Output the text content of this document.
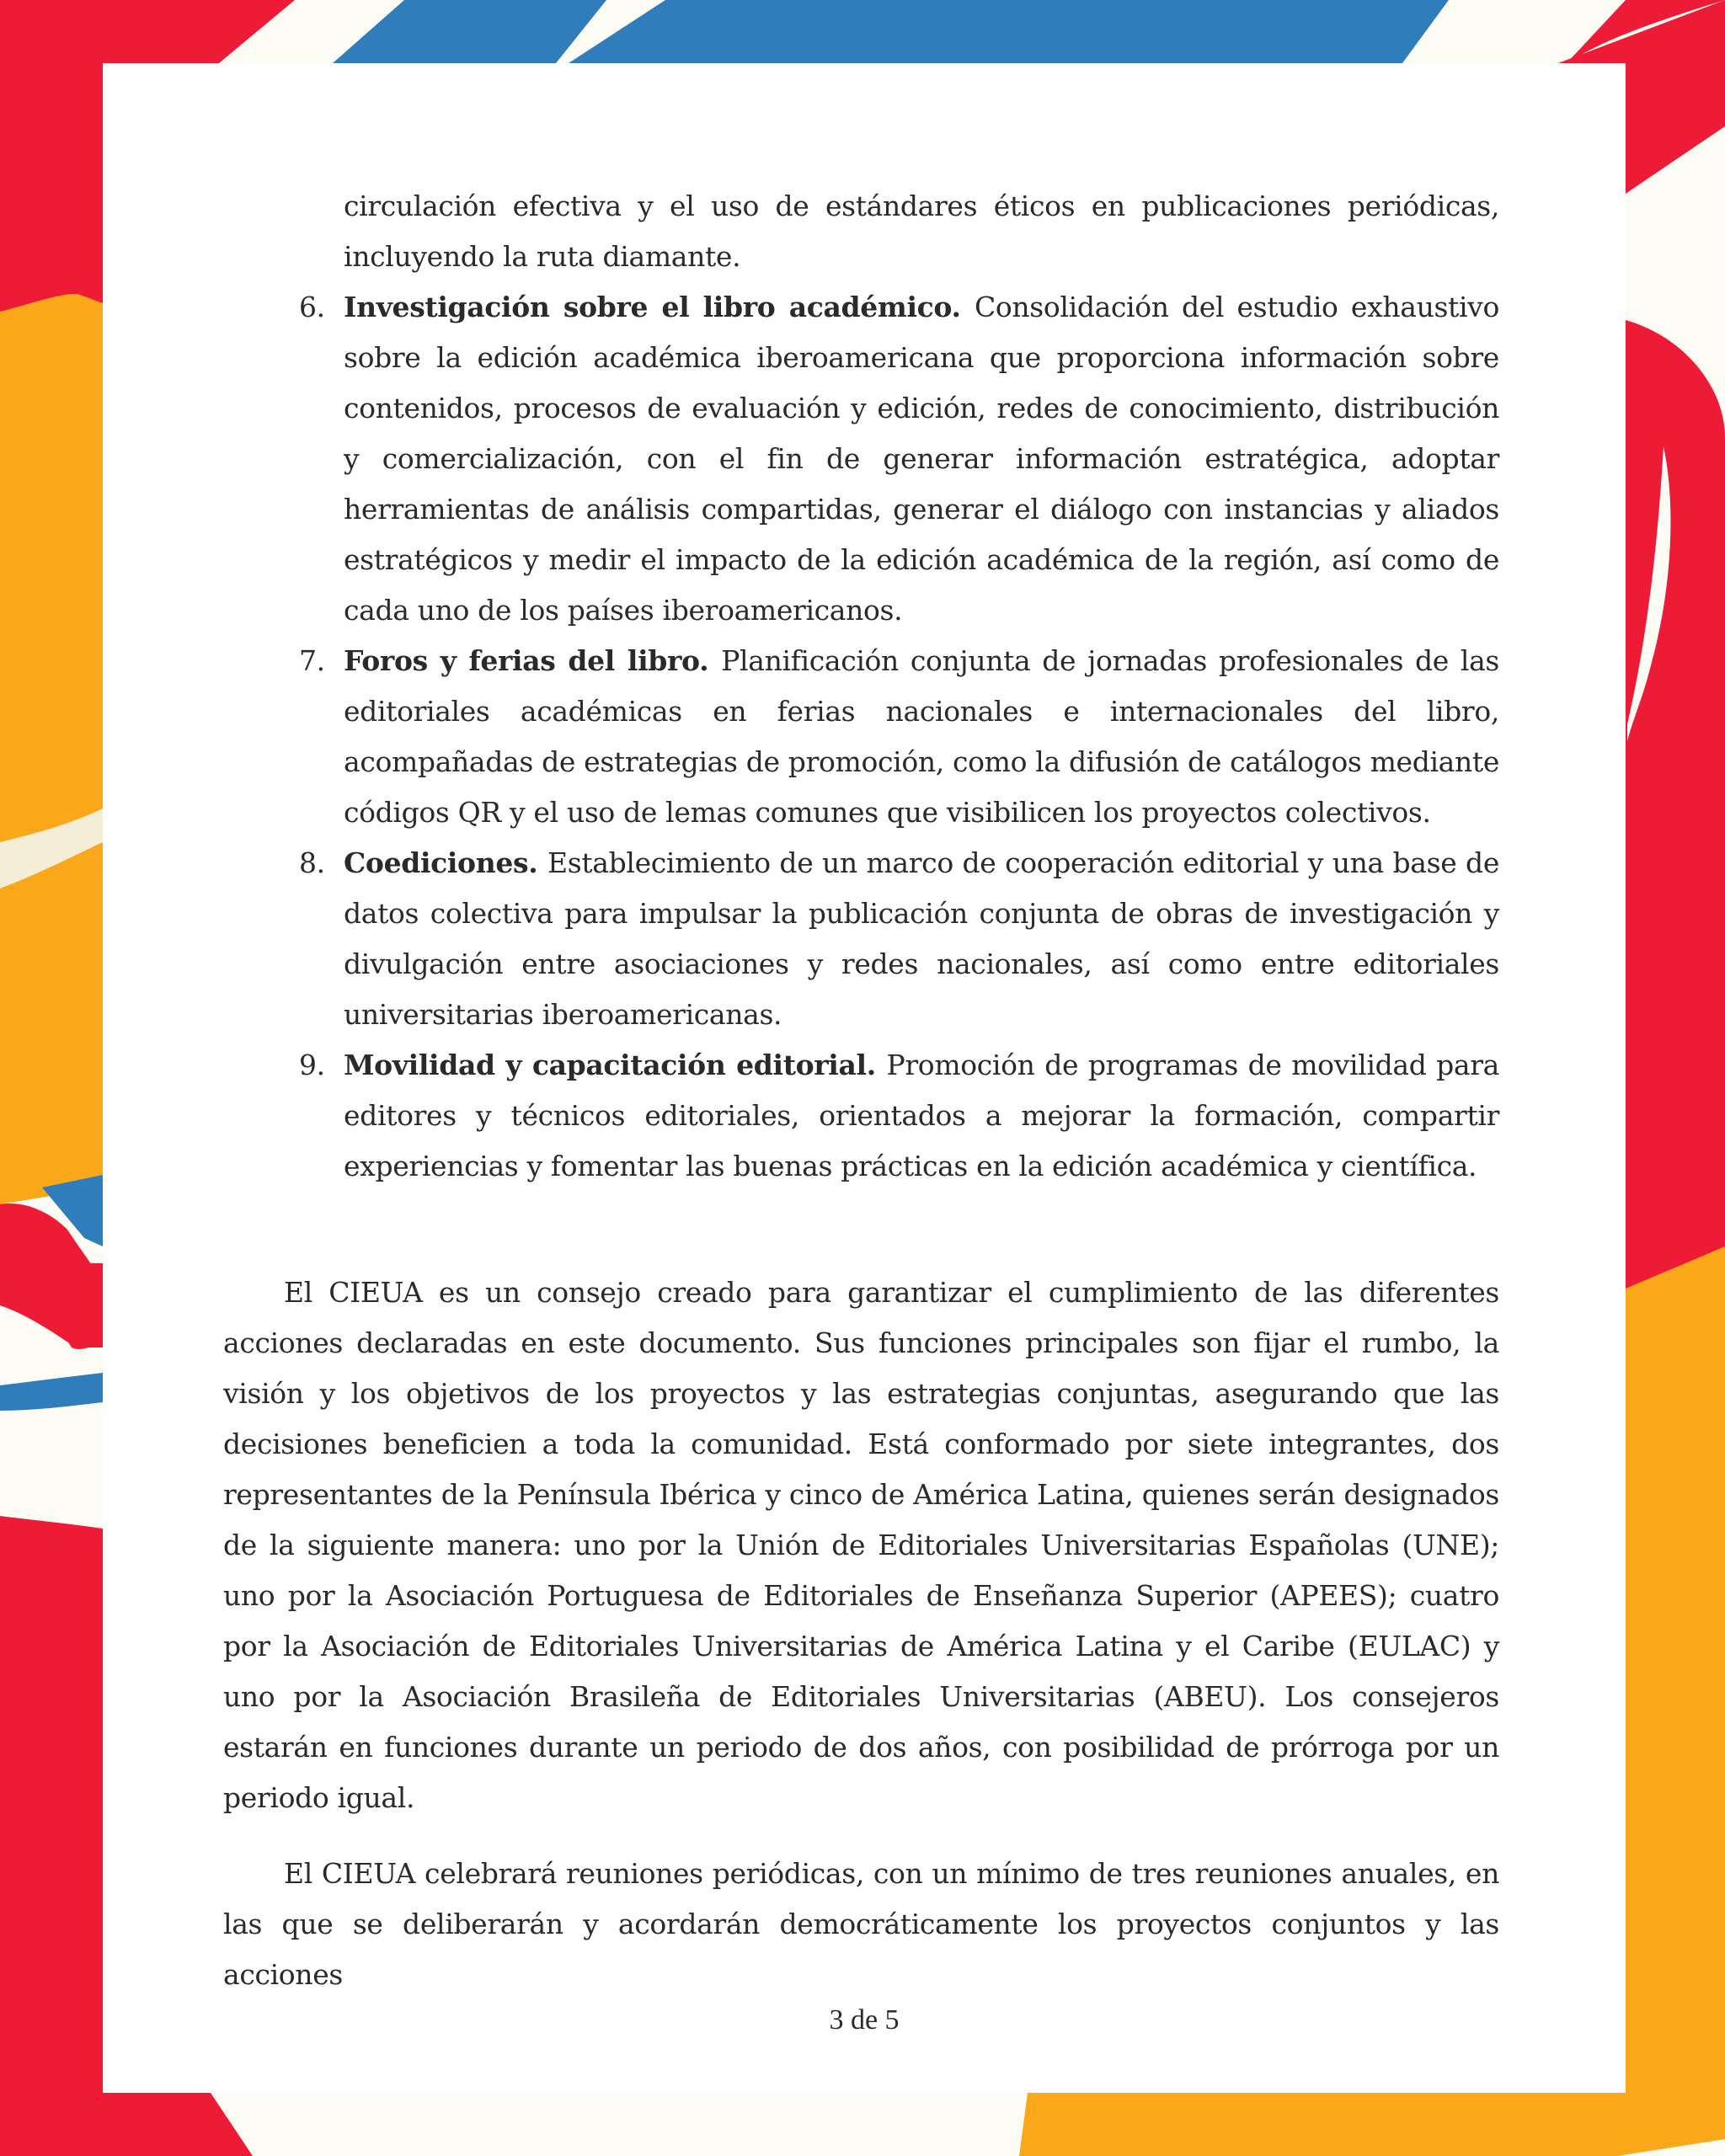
circulación efectiva y el uso de estándares éticos en publicaciones periódicas, incluyendo la ruta diamante.
6. Investigación sobre el libro académico. Consolidación del estudio exhaustivo sobre la edición académica iberoamericana que proporciona información sobre contenidos, procesos de evaluación y edición, redes de conocimiento, distribución y comercialización, con el fin de generar información estratégica, adoptar herramientas de análisis compartidas, generar el diálogo con instancias y aliados estratégicos y medir el impacto de la edición académica de la región, así como de cada uno de los países iberoamericanos.
7. Foros y ferias del libro. Planificación conjunta de jornadas profesionales de las editoriales académicas en ferias nacionales e internacionales del libro, acompañadas de estrategias de promoción, como la difusión de catálogos mediante códigos QR y el uso de lemas comunes que visibilicen los proyectos colectivos.
8. Coediciones. Establecimiento de un marco de cooperación editorial y una base de datos colectiva para impulsar la publicación conjunta de obras de investigación y divulgación entre asociaciones y redes nacionales, así como entre editoriales universitarias iberoamericanas.
9. Movilidad y capacitación editorial. Promoción de programas de movilidad para editores y técnicos editoriales, orientados a mejorar la formación, compartir experiencias y fomentar las buenas prácticas en la edición académica y científica.

El CIEUA es un consejo creado para garantizar el cumplimiento de las diferentes acciones declaradas en este documento. Sus funciones principales son fijar el rumbo, la visión y los objetivos de los proyectos y las estrategias conjuntas, asegurando que las decisiones beneficien a toda la comunidad. Está conformado por siete integrantes, dos representantes de la Península Ibérica y cinco de América Latina, quienes serán designados de la siguiente manera: uno por la Unión de Editoriales Universitarias Españolas (UNE); uno por la Asociación Portuguesa de Editoriales de Enseñanza Superior (APEES); cuatro por la Asociación de Editoriales Universitarias de América Latina y el Caribe (EULAC) y uno por la Asociación Brasileña de Editoriales Universitarias (ABEU). Los consejeros estarán en funciones durante un periodo de dos años, con posibilidad de prórroga por un periodo igual.

El CIEUA celebrará reuniones periódicas, con un mínimo de tres reuniones anuales, en las que se deliberarán y acordarán democráticamente los proyectos conjuntos y las acciones

3 de 5
